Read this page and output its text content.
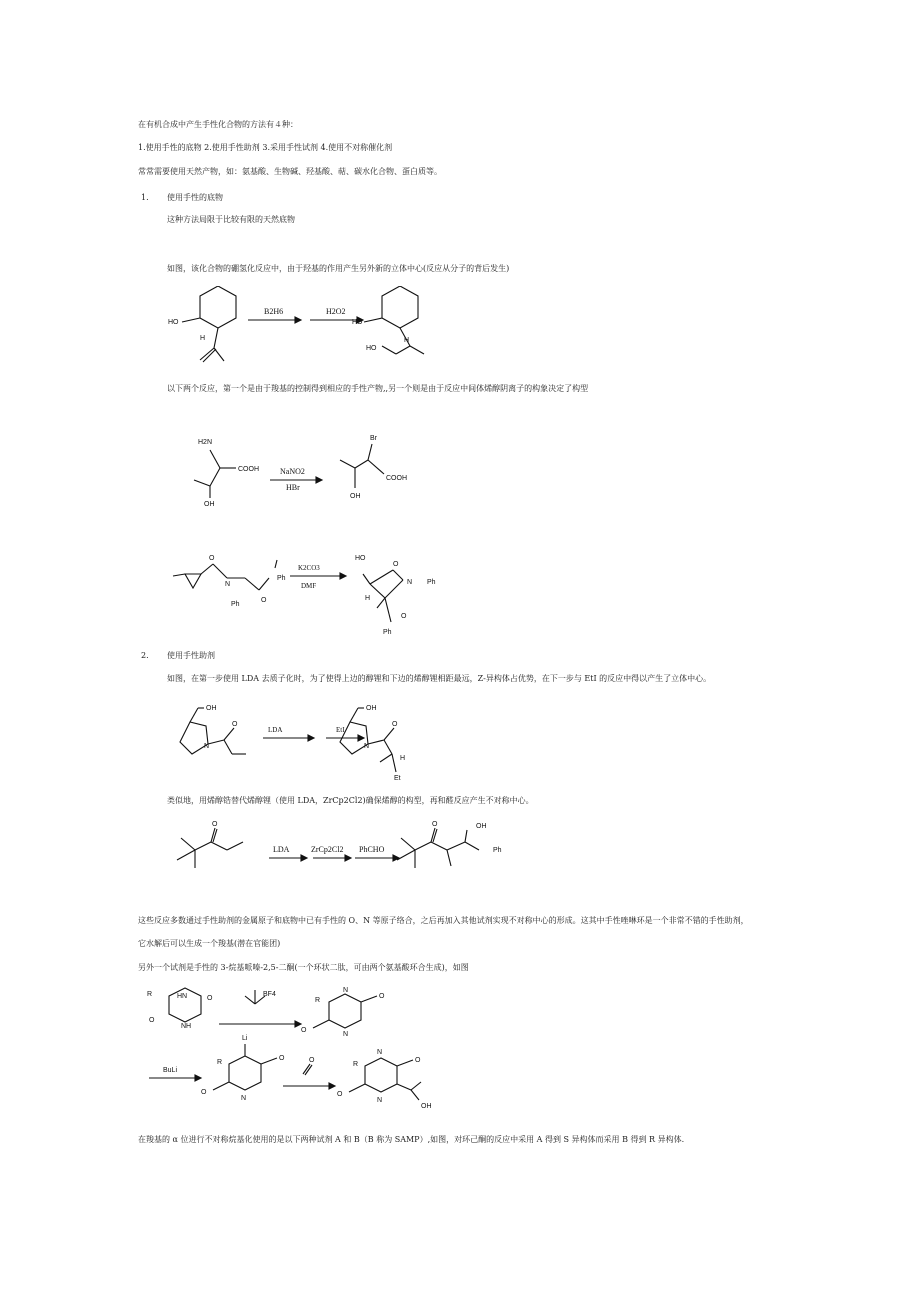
在有机合成中产生手性化合物的方法有４种：
1.使用手性的底物 2.使用手性助剂 3.采用手性试剂 4.使用不对称催化剂
常常需要使用天然产物，如：氨基酸、生物碱、羟基酸、萜、碳水化合物、蛋白质等。
1. 使用手性的底物
这种方法局限于比较有限的天然底物
如图，该化合物的硼氢化反应中，由于羟基的作用产生另外新的立体中心(反应从分子的背后发生)
以下两个反应，第一个是由于羧基的控制得到相应的手性产物,,另一个则是由于反应中间体烯醇阴离子的构象决定了构型
2. 使用手性助剂
如图，在第一步使用 LDA 去质子化时，为了使得上边的醇锂和下边的烯醇锂相距最远，Z-异构体占优势，在下一步与 EtI 的反应中得以产生了立体中心。
类似地，用烯醇锆替代烯醇锂（使用 LDA，ZrCp2Cl2)确保烯醇的构型，再和醛反应产生不对称中心。
这些反应多数通过手性助剂的金属原子和底物中已有手性的 O、N 等原子络合，之后再加入其他试剂实现不对称中心的形成。这其中手性唑啉环是一个非常不错的手性助剂，
它水解后可以生成一个羧基(潜在官能团)
另外一个试剂是手性的 3-烷基哌嗪-2,5-二酮(一个环状二肽，可由两个氨基酸环合生成)，如图
在羧基的 α 位进行不对称烷基化使用的是以下两种试剂 A 和 B（B 称为 SAMP）,如图，对环己酮的反应中采用 A 得到 S 异构体而采用 B 得到 R 异构体.
HO
H
B2H6	H2O2
HO
H
HO
H2N
COOH
OH
NaNO2
HBr
Br
COOH
OH
O
N
Ph
O
Ph
K2CO3
DMF
HO
N
O
Ph
H
Ph
O
OH
N
O
LDA	EtI
OH
N
O
H
Et
O
LDA	ZrCp2Cl2 PhCHO
O	OH
Ph
R	HN	O
O
NH
BF4
R
N
O
O
N
BuLi
Li
R
O
O
N
O
R
N
O
O
N
OH
